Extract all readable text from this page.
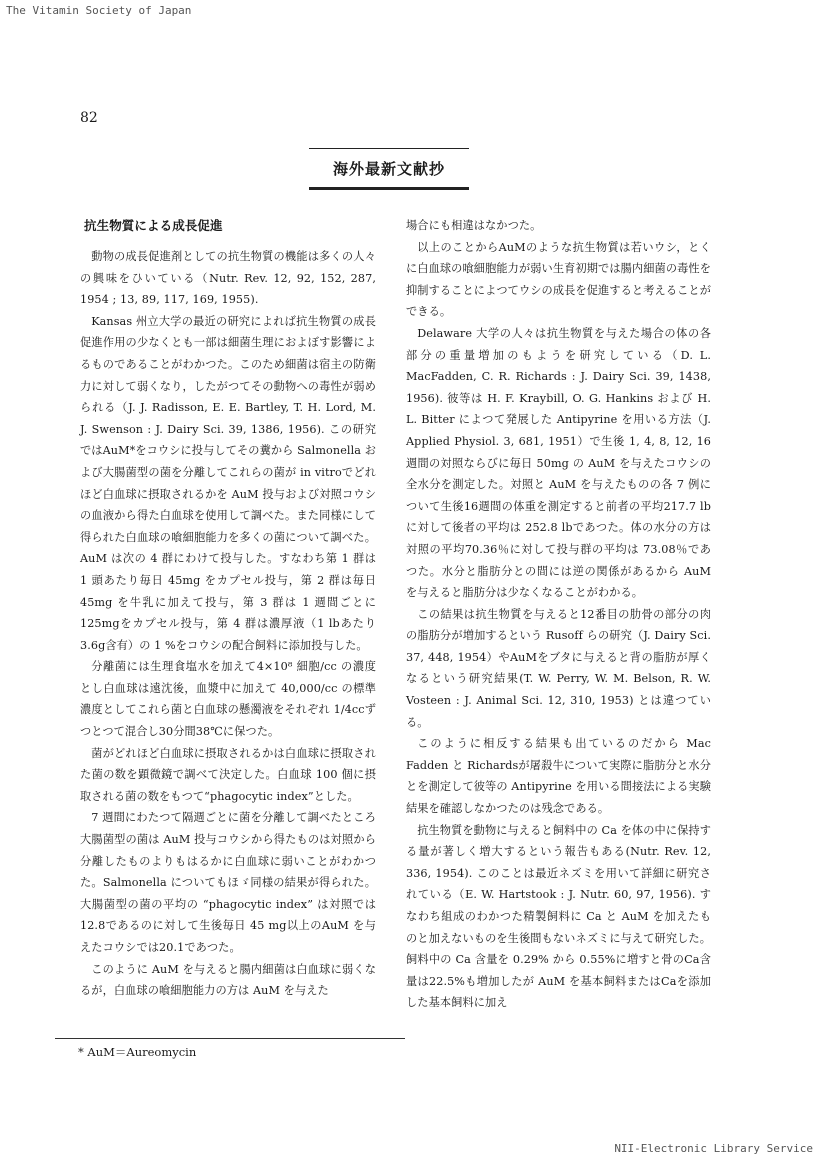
The Vitamin Society of Japan
82
海外最新文献抄
抗生物質による成長促進

動物の成長促進剤としての抗生物質の機能は多くの人々の興味をひいている（Nutr. Rev. 12, 92, 152, 287, 1954 ; 13, 89, 117, 169, 1955).

Kansas 州立大学の最近の研究によれば抗生物質の成長促進作用の少なくとも一部は細菌生理におよぼす影響によるものであることがわかつた。このため細菌は宿主の防衛力に対して弱くなり，したがつてその動物への毒性が弱められる（J. J. Radisson, E. E. Bartley, T. H. Lord, M. J. Swenson : J. Dairy Sci. 39, 1386, 1956). この研究ではAuM*をコウシに投与してその糞から Salmonella および大腸菌型の菌を分離してこれらの菌が in vitroでどれほど白血球に摂取されるかを AuM 投与および対照コウシの血液から得た白血球を使用して調べた。また同様にして得られた白血球の喰細胞能力を多くの菌について調べた。AuM は次の 4 群にわけて投与した。すなわち第 1 群は 1 頭あたり毎日 45mg をカプセル投与，第 2 群は毎日 45mg を牛乳に加えて投与，第 3 群は 1 週間ごとに 125mgをカプセル投与，第 4 群は濃厚液（1 lbあたり 3.6g含有）の 1 %をコウシの配合飼料に添加投与した。

分離菌には生理食塩水を加えて4×10⁸ 細胞/cc の濃度とし白血球は遠沈後，血漿中に加えて 40,000/cc の標準濃度としてこれら菌と白血球の懸濁液をそれぞれ 1/4ccずつとつて混合し30分間38℃に保つた。

菌がどれほど白血球に摂取されるかは白血球に摂取された菌の数を顕微鏡で調べて決定した。白血球 100 個に摂取される菌の数をもつて“phagocytic index”とした。

7 週間にわたつて隔週ごとに菌を分離して調べたところ大腸菌型の菌は AuM 投与コウシから得たものは対照から分離したものよりもはるかに白血球に弱いことがわかつた。Salmonella についてもほゞ同様の結果が得られた。大腸菌型の菌の平均の “phagocytic index” は対照では 12.8であるのに対して生後毎日 45 mg以上のAuM を与えたコウシでは20.1であつた。

このように AuM を与えると腸内細菌は白血球に弱くなるが，白血球の喰細胞能力の方は AuM を与えた

場合にも相違はなかつた。

以上のことからAuMのような抗生物質は若いウシ，とくに白血球の喰細胞能力が弱い生育初期では腸内細菌の毒性を抑制することによつてウシの成長を促進すると考えることができる。

Delaware 大学の人々は抗生物質を与えた場合の体の各部分の重量増加のもようを研究している（D. L. MacFadden, C. R. Richards : J. Dairy Sci. 39, 1438, 1956). 彼等は H. F. Kraybill, O. G. Hankins および H. L. Bitter によつて発展した Antipyrine を用いる方法（J. Applied Physiol. 3, 681, 1951）で生後 1, 4, 8, 12, 16 週間の対照ならびに毎日 50mg の AuM を与えたコウシの全水分を測定した。対照と AuM を与えたものの各 7 例について生後16週間の体重を測定すると前者の平均217.7 lb に対して後者の平均は 252.8 lbであつた。体の水分の方は対照の平均70.36％に対して投与群の平均は 73.08％であつた。水分と脂肪分との間には逆の関係があるから AuM を与えると脂肪分は少なくなることがわかる。

この結果は抗生物質を与えると12番目の肋骨の部分の肉の脂肪分が増加するという Rusoff らの研究（J. Dairy Sci. 37, 448, 1954）やAuMをブタに与えると背の脂肪が厚くなるという研究結果(T. W. Perry, W. M. Belson, R. W. Vosteen : J. Animal Sci. 12, 310, 1953) とは違つている。

このように相反する結果も出ているのだから Mac Fadden と Richardsが屠殺牛について実際に脂肪分と水分とを測定して彼等の Antipyrine を用いる間接法による実験結果を確認しなかつたのは残念である。

抗生物質を動物に与えると飼料中の Ca を体の中に保持する量が著しく増大するという報告もある(Nutr. Rev. 12, 336, 1954). このことは最近ネズミを用いて詳細に研究されている（E. W. Hartstook : J. Nutr. 60, 97, 1956). すなわち組成のわかつた精製飼料に Ca と AuM を加えたものと加えないものを生後間もないネズミに与えて研究した。飼料中の Ca 含量を 0.29% から 0.55%に増すと骨のCa含量は22.5%も増加したが AuM を基本飼料またはCaを添加した基本飼料に加え

* AuM＝Aureomycin
NII-Electronic Library Service
